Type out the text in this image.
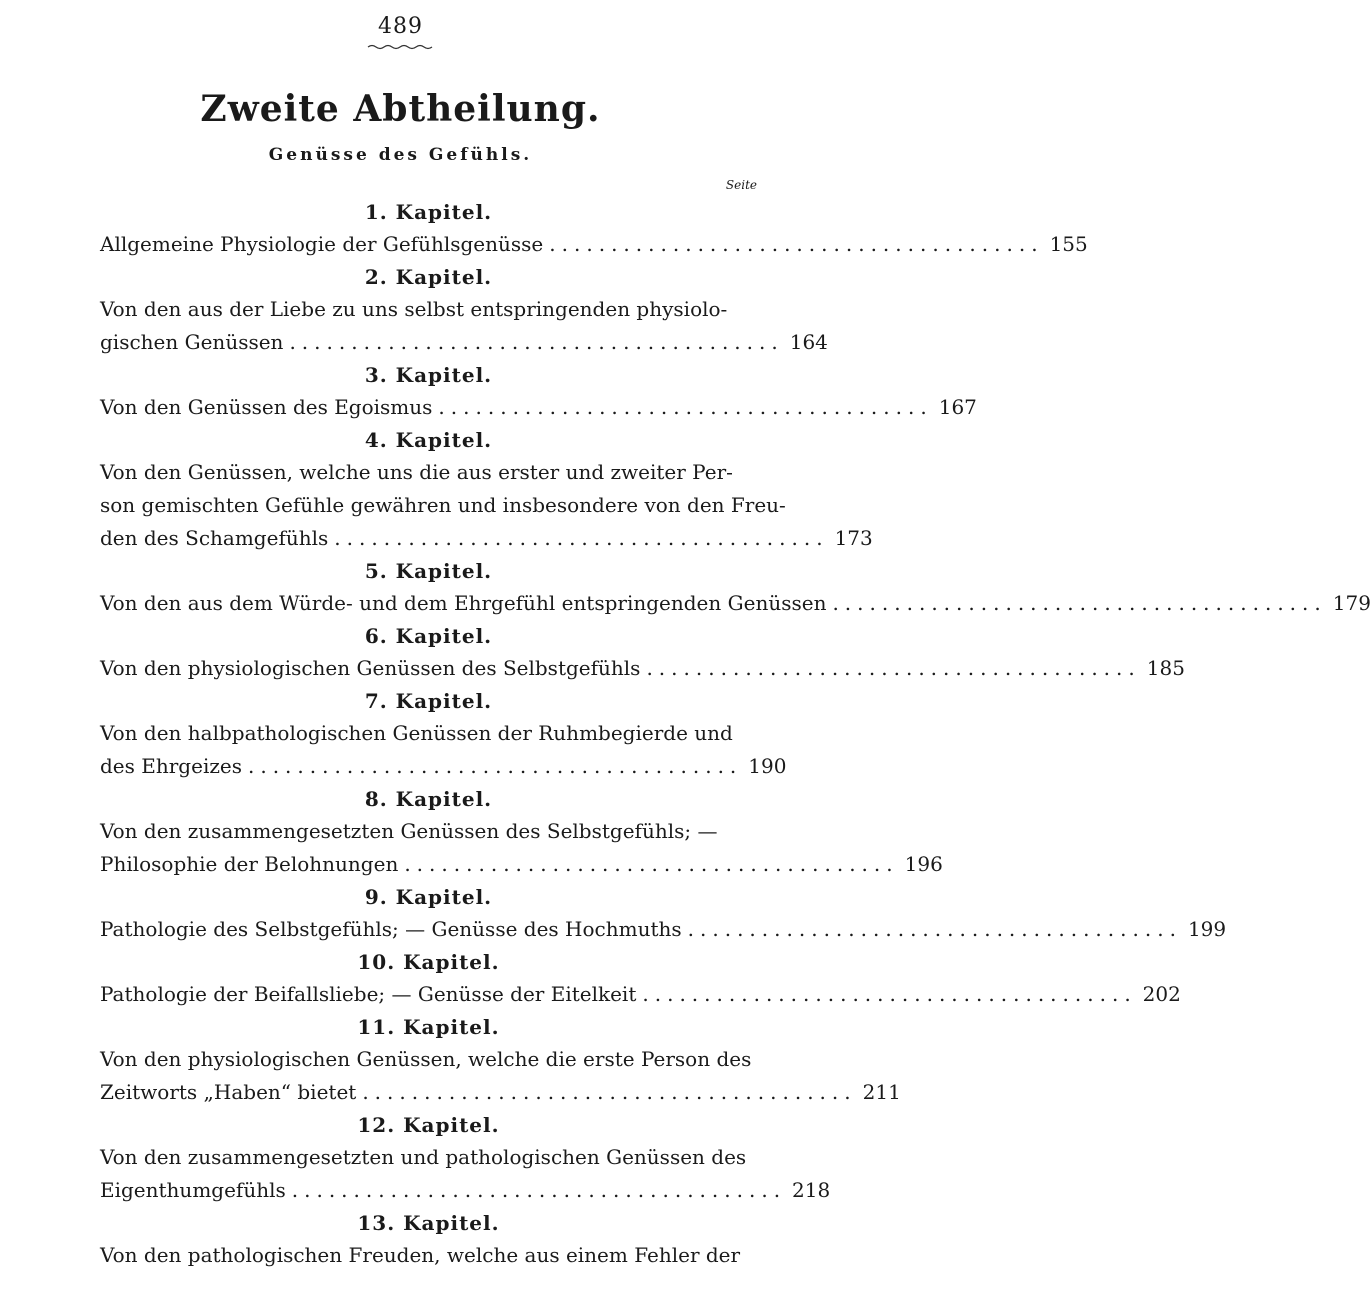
489
Zweite Abtheilung.
Genüsse des Gefühls.
Seite
1. Kapitel.
Allgemeine Physiologie der Gefühlsgenüsse ........................................ 155
2. Kapitel.
Von den aus der Liebe zu uns selbst entspringenden physiolo-
gischen Genüssen ........................................ 164
3. Kapitel.
Von den Genüssen des Egoismus ........................................ 167
4. Kapitel.
Von den Genüssen, welche uns die aus erster und zweiter Per-
son gemischten Gefühle gewähren und insbesondere von den Freu-
den des Schamgefühls ........................................ 173
5. Kapitel.
Von den aus dem Würde- und dem Ehrgefühl entspringenden Genüssen ........................................ 179
6. Kapitel.
Von den physiologischen Genüssen des Selbstgefühls ........................................ 185
7. Kapitel.
Von den halbpathologischen Genüssen der Ruhmbegierde und
des Ehrgeizes ........................................ 190
8. Kapitel.
Von den zusammengesetzten Genüssen des Selbstgefühls; —
Philosophie der Belohnungen ........................................ 196
9. Kapitel.
Pathologie des Selbstgefühls; — Genüsse des Hochmuths ........................................ 199
10. Kapitel.
Pathologie der Beifallsliebe; — Genüsse der Eitelkeit ........................................ 202
11. Kapitel.
Von den physiologischen Genüssen, welche die erste Person des
Zeitworts „Haben“ bietet ........................................ 211
12. Kapitel.
Von den zusammengesetzten und pathologischen Genüssen des
Eigenthumgefühls ........................................ 218
13. Kapitel.
Von den pathologischen Freuden, welche aus einem Fehler der
